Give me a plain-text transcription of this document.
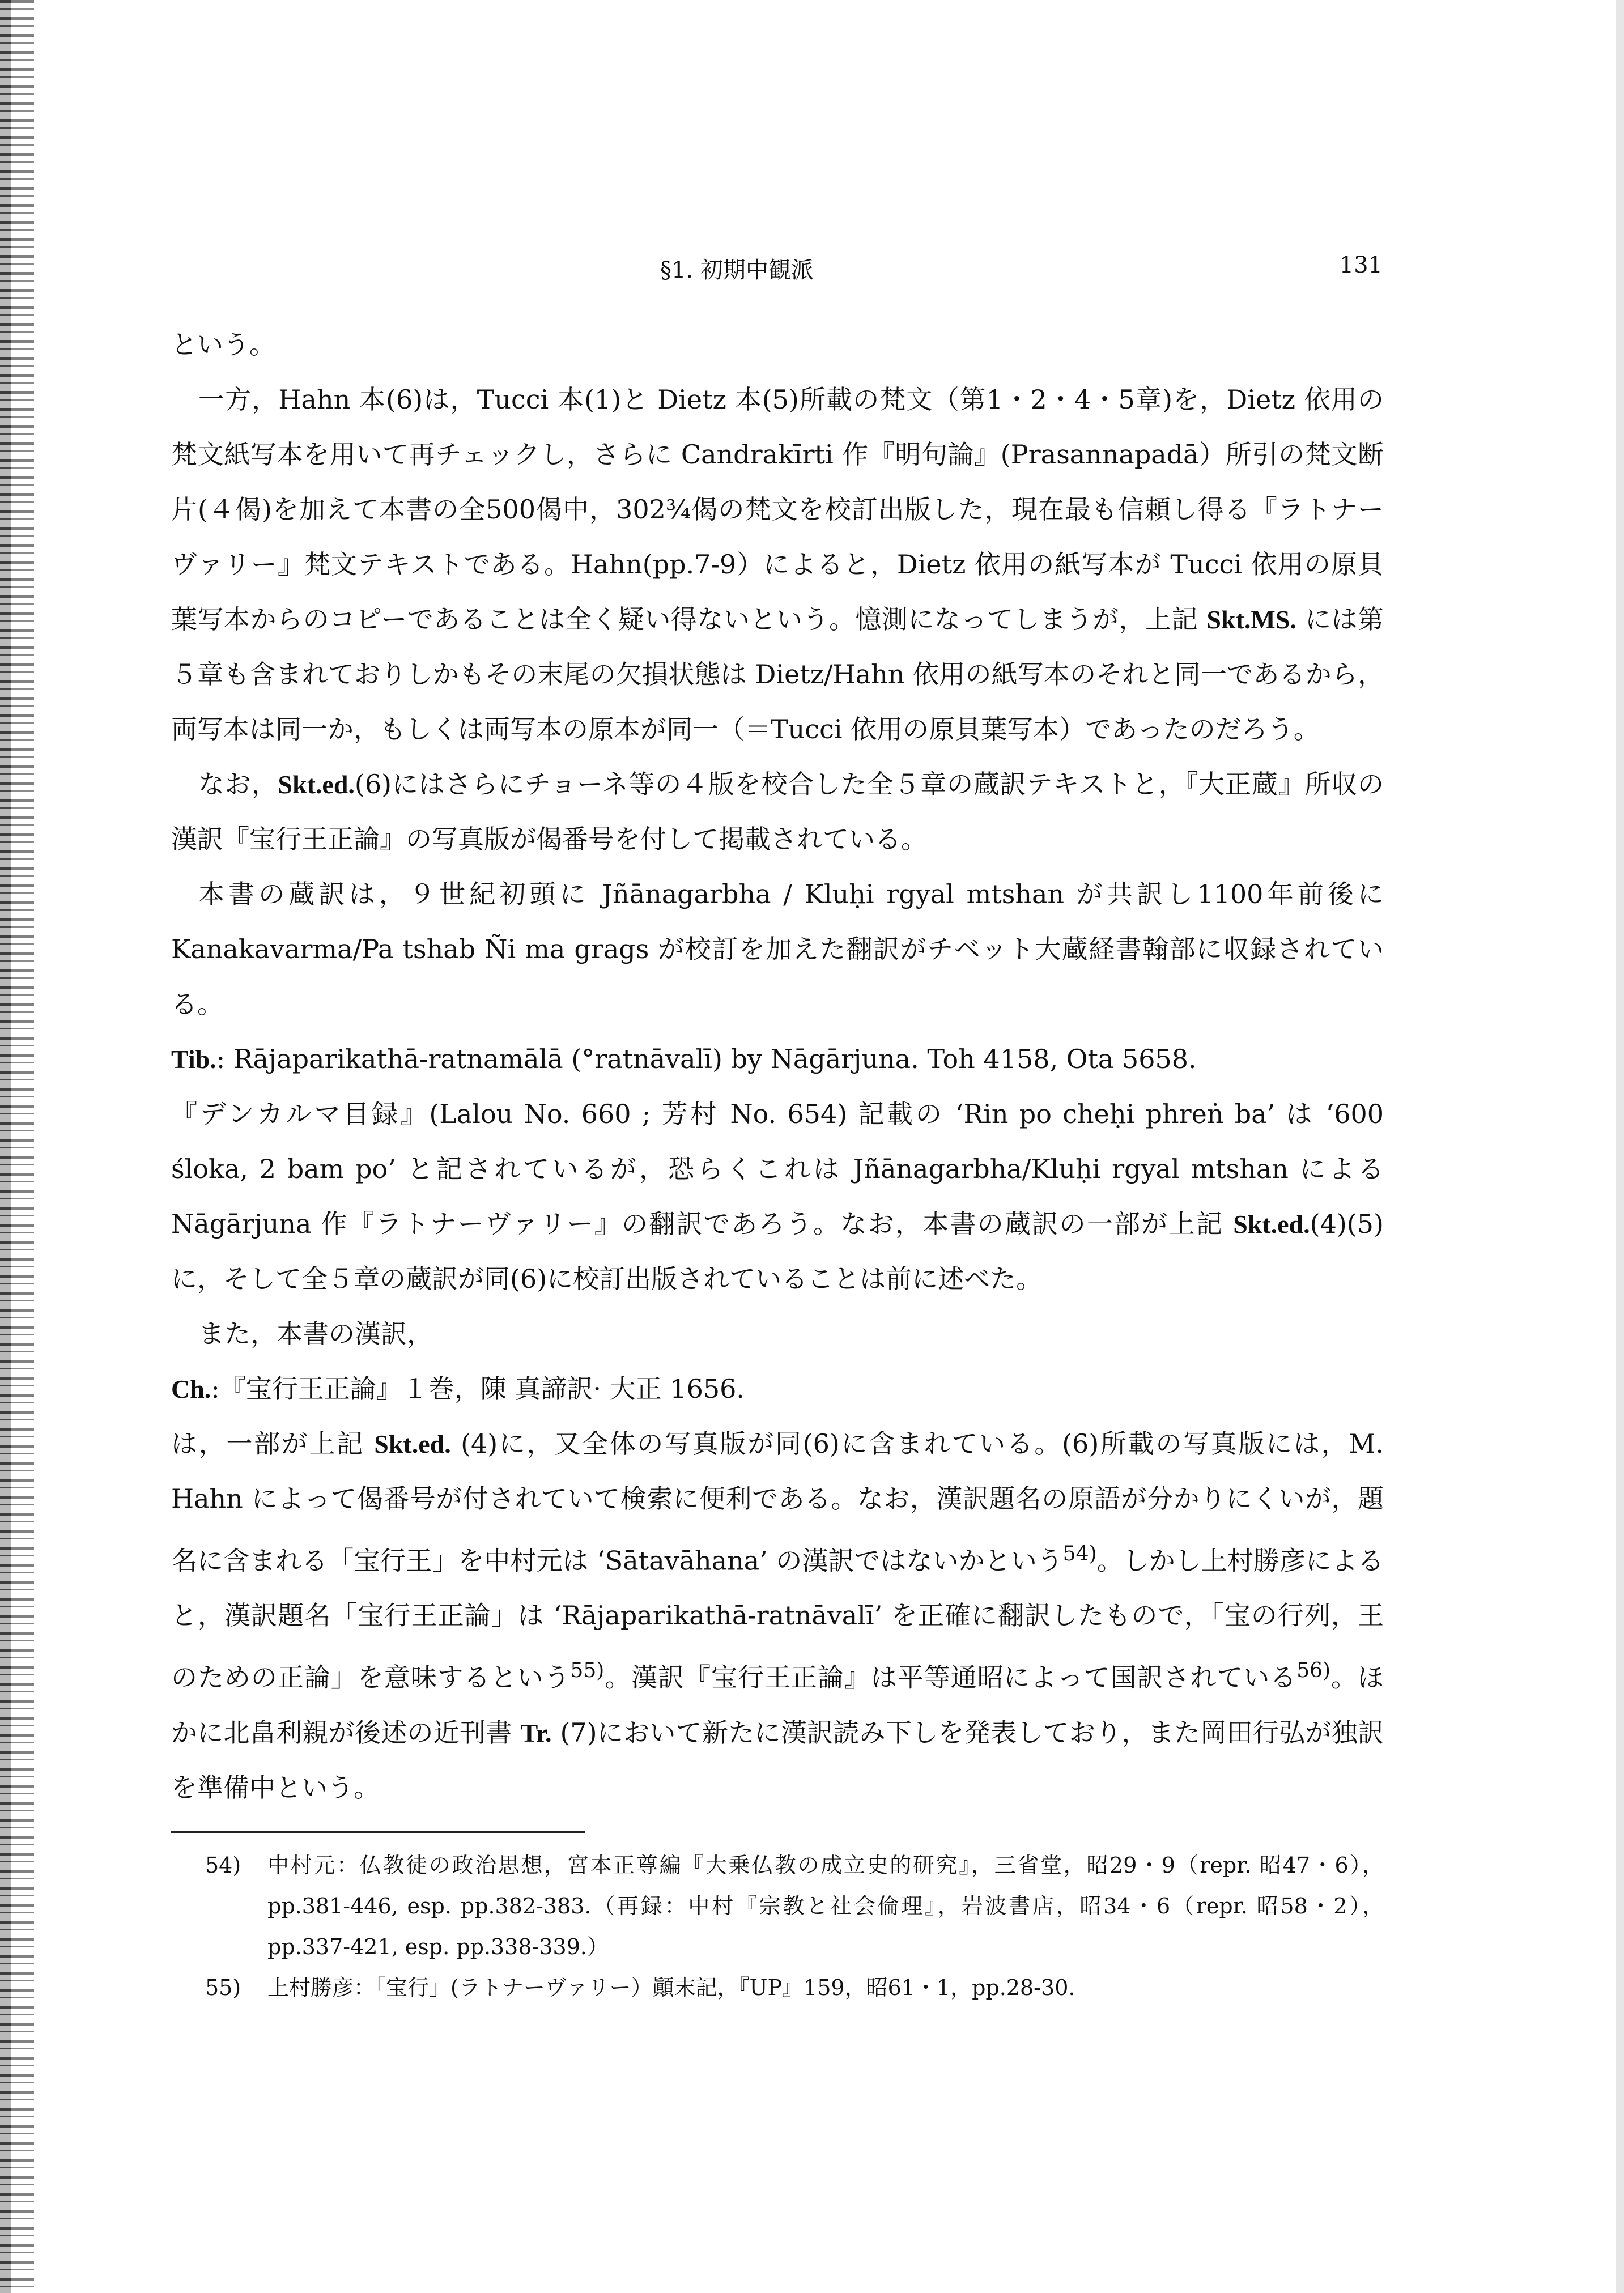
§1. 初期中観派	131

という。

一方，Hahn 本(6)は，Tucci 本(1)と Dietz 本(5)所載の梵文（第1・2・4・5章)を，Dietz 依用の梵文紙写本を用いて再チェックし，さらに Candrakīrti 作『明句論』(Prasannapadā）所引の梵文断片(４偈)を加えて本書の全500偈中，302¾偈の梵文を校訂出版した，現在最も信頼し得る『ラトナーヴァリー』梵文テキストである。Hahn(pp.7-9）によると，Dietz 依用の紙写本が Tucci 依用の原貝葉写本からのコピーであることは全く疑い得ないという。憶測になってしまうが，上記 Skt.MS. には第５章も含まれておりしかもその末尾の欠損状態は Dietz/Hahn 依用の紙写本のそれと同一であるから，両写本は同一か，もしくは両写本の原本が同一（＝Tucci 依用の原貝葉写本）であったのだろう。

なお，Skt.ed.(6)にはさらにチョーネ等の４版を校合した全５章の蔵訳テキストと，『大正蔵』所収の漢訳『宝行王正論』の写真版が偈番号を付して掲載されている。

本書の蔵訳は，９世紀初頭に Jñānagarbha / Kluḥi rgyal mtshan が共訳し1100年前後に Kanakavarma/Pa tshab Ñi ma grags が校訂を加えた翻訳がチベット大蔵経書翰部に収録されている。

Tib.: Rājaparikathā-ratnamālā (°ratnāvalī) by Nāgārjuna. Toh 4158, Ota 5658.

『デンカルマ目録』(Lalou No. 660 ; 芳村 No. 654) 記載の ‘Rin po cheḥi phreṅ ba’ は ‘600 śloka, 2 bam po’ と記されているが，恐らくこれは Jñānagarbha/Kluḥi rgyal mtshan による Nāgārjuna 作『ラトナーヴァリー』の翻訳であろう。なお，本書の蔵訳の一部が上記 Skt.ed.(4)(5)に，そして全５章の蔵訳が同(6)に校訂出版されていることは前に述べた。

また，本書の漢訳，

Ch.:『宝行王正論』１巻，陳 真諦訳· 大正 1656.

は，一部が上記 Skt.ed. (4)に，又全体の写真版が同(6)に含まれている。(6)所載の写真版には，M. Hahn によって偈番号が付されていて検索に便利である。なお，漢訳題名の原語が分かりにくいが，題名に含まれる「宝行王」を中村元は ‘Sātavāhana’ の漢訳ではないかという$^{54)}$。しかし上村勝彦によると，漢訳題名「宝行王正論」は ‘Rājaparikathā-ratnāvalī’ を正確に翻訳したもので，「宝の行列，王のための正論」を意味するという$^{55)}$。漢訳『宝行王正論』は平等通昭によって国訳されている$^{56)}$。ほかに北畠利親が後述の近刊書 Tr. (7)において新たに漢訳読み下しを発表しており，また岡田行弘が独訳を準備中という。

54)	中村元：仏教徒の政治思想，宮本正尊編『大乗仏教の成立史的研究』，三省堂，昭29・9（repr. 昭47・6），pp.381-446, esp. pp.382-383.（再録：中村『宗教と社会倫理』，岩波書店，昭34・6（repr. 昭58・2），pp.337-421, esp. pp.338-339.）
55)	上村勝彦：「宝行」(ラトナーヴァリー）顚末記，『UP』159，昭61・1，pp.28-30.
